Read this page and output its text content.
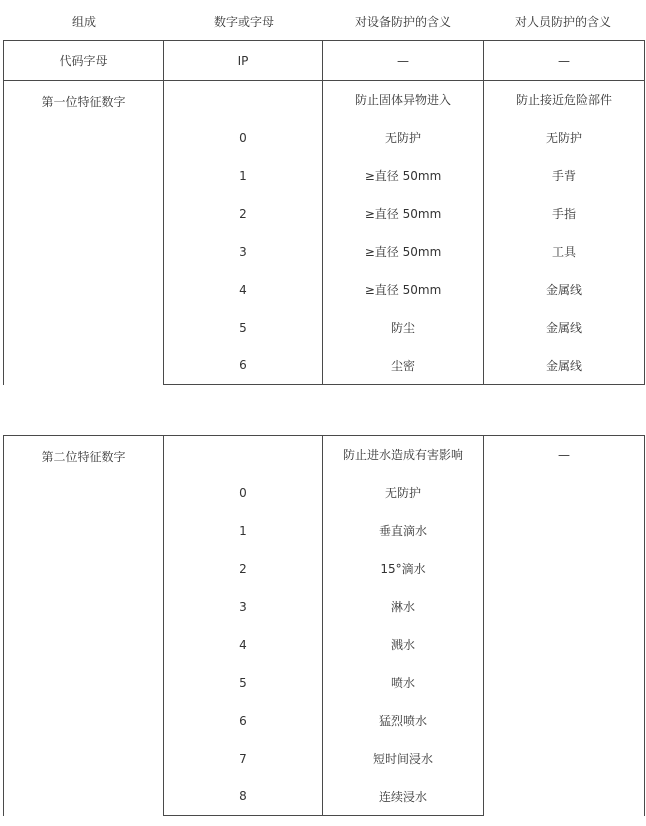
组成	数字或字母	对设备防护的含义	对人员防护的含义
代码字母	IP	—	—
第一位特征数字		防止固体异物进入	防止接近危险部件
	0	无防护	无防护
	1	≥直径 50mm	手背
	2	≥直径 50mm	手指
	3	≥直径 50mm	工具
	4	≥直径 50mm	金属线
	5	防尘	金属线
	6	尘密	金属线
第二位特征数字		防止进水造成有害影响	—
	0	无防护	
	1	垂直滴水	
	2	15°滴水	
	3	淋水	
	4	溅水	
	5	喷水	
	6	猛烈喷水	
	7	短时间浸水	
	8	连续浸水	
